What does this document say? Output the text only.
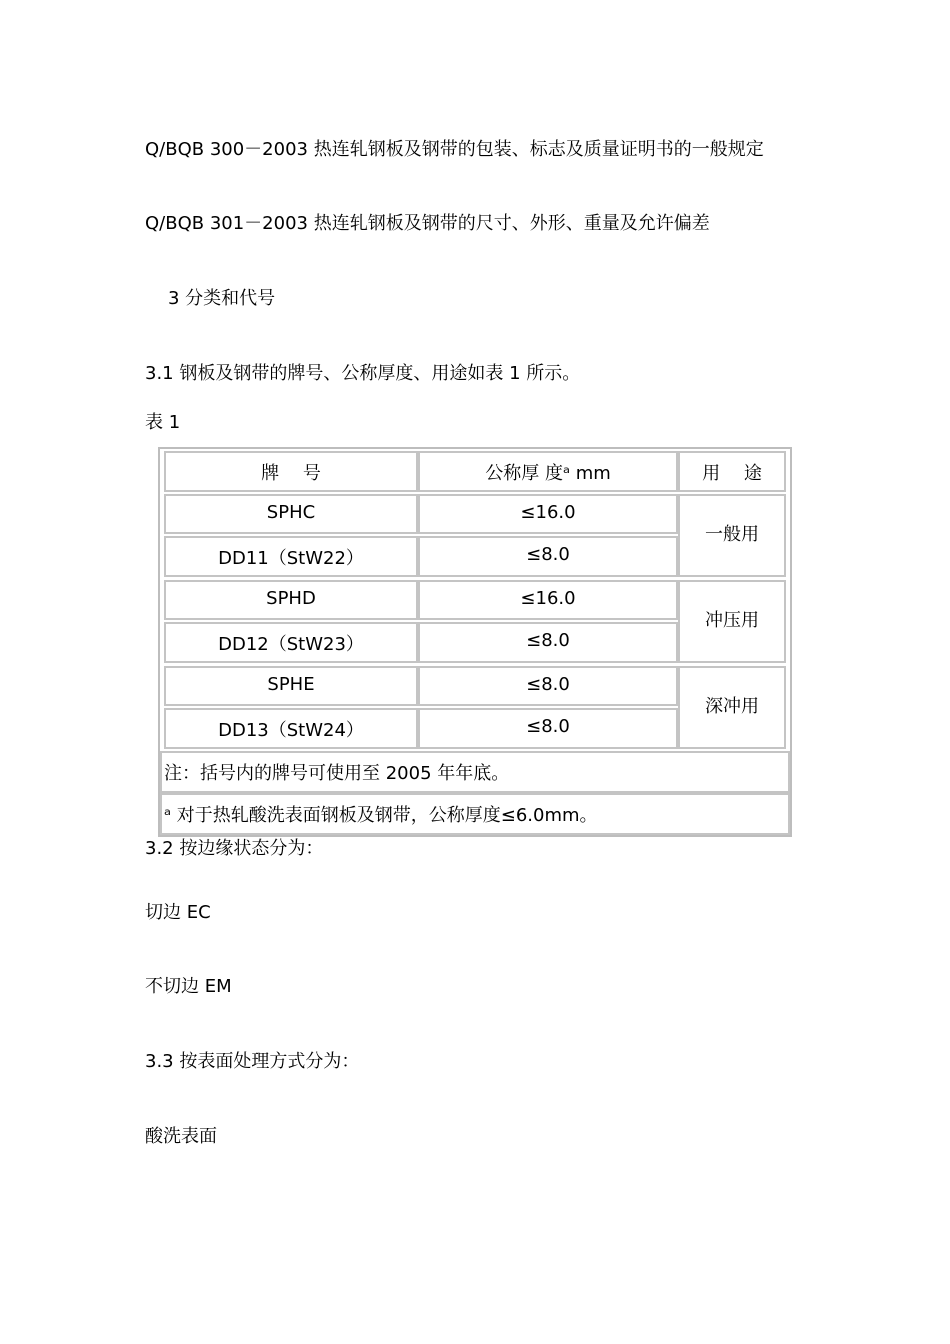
Q/BQB 300－2003 热连轧钢板及钢带的包装、标志及质量证明书的一般规定
Q/BQB 301－2003 热连轧钢板及钢带的尺寸、外形、重量及允许偏差
3 分类和代号
3.1 钢板及钢带的牌号、公称厚度、用途如表 1 所示。
表 1
牌　 号	公称厚 度ᵃ mm	用　 途
SPHC	≤16.0
DD11（StW22）	≤8.0
一般用
SPHD	≤16.0
DD12（StW23）	≤8.0
冲压用
SPHE	≤8.0
DD13（StW24）	≤8.0
深冲用
注：括号内的牌号可使用至 2005 年年底。
ᵃ 对于热轧酸洗表面钢板及钢带，公称厚度≤6.0mm。
3.2 按边缘状态分为：
切边 EC
不切边 EM
3.3 按表面处理方式分为：
酸洗表面
